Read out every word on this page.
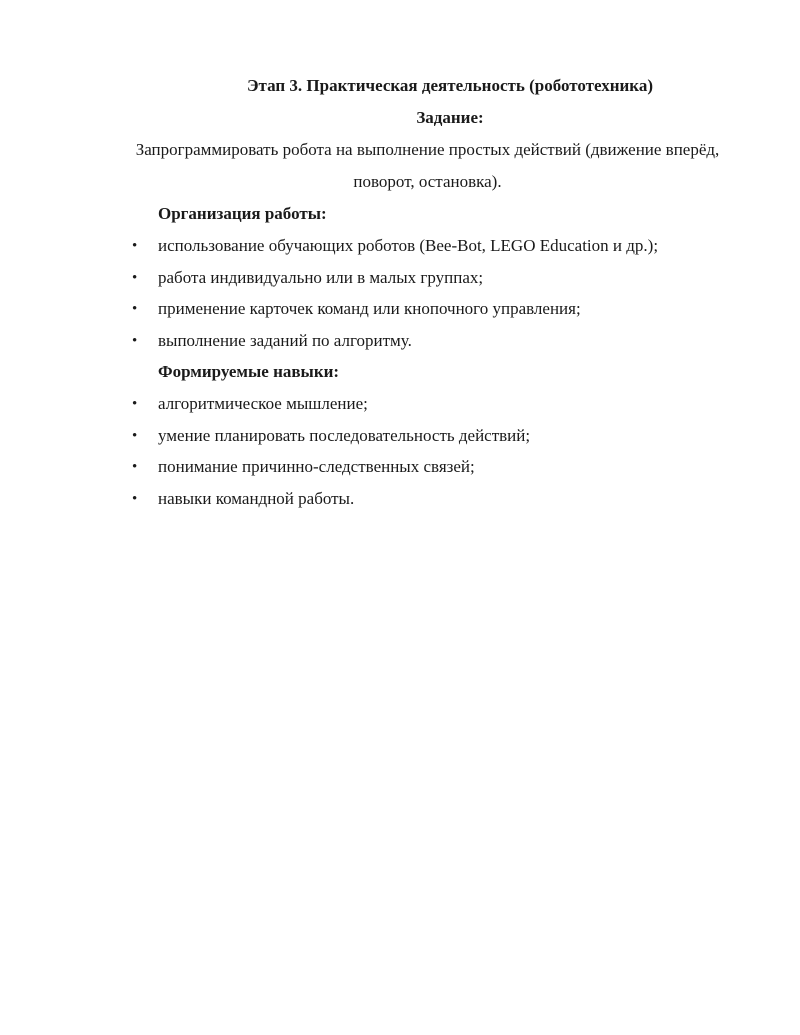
Этап 3. Практическая деятельность (робототехника)
Задание:
Запрограммировать робота на выполнение простых действий (движение вперёд,
поворот, остановка).
Организация работы:
• использование обучающих роботов (Bee-Bot, LEGO Education и др.);
• работа индивидуально или в малых группах;
• применение карточек команд или кнопочного управления;
• выполнение заданий по алгоритму.
Формируемые навыки:
• алгоритмическое мышление;
• умение планировать последовательность действий;
• понимание причинно-следственных связей;
• навыки командной работы.
